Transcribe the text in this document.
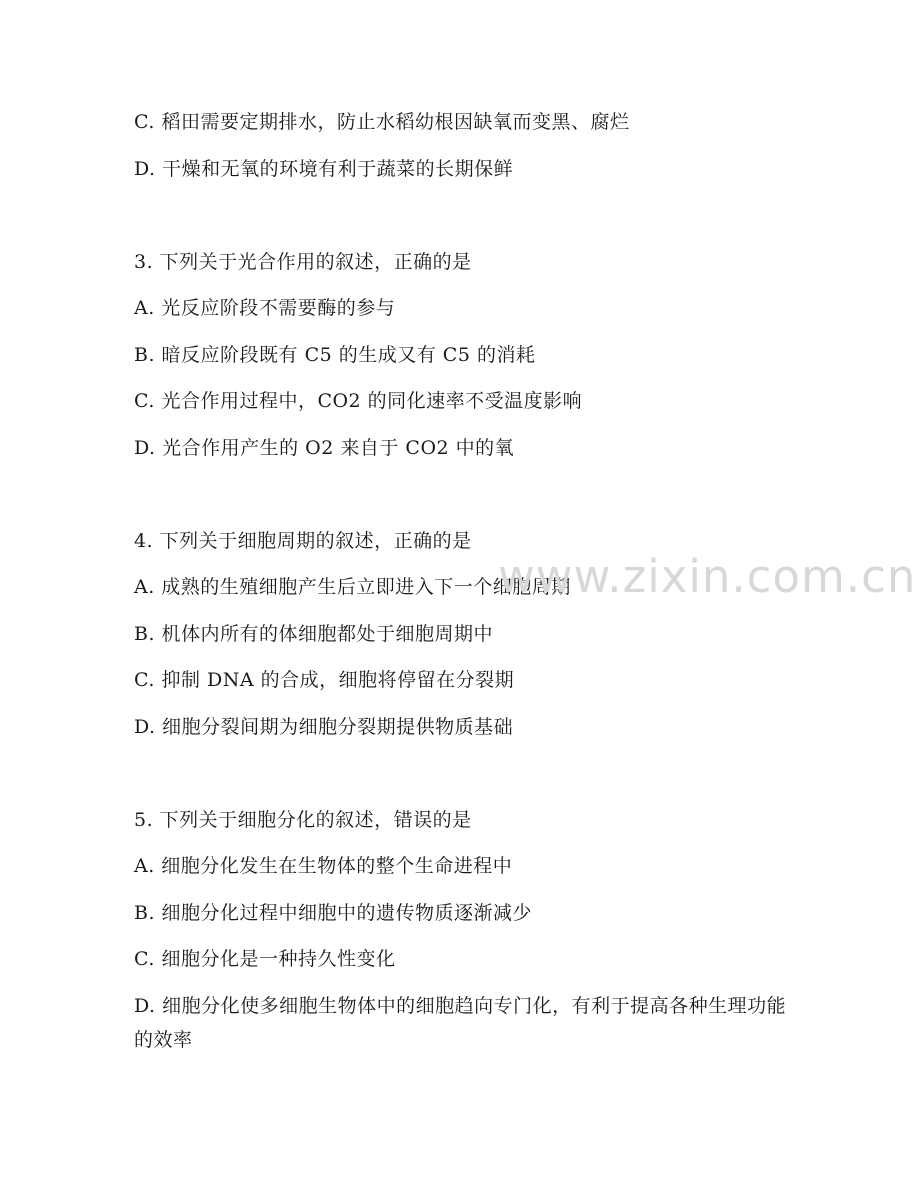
C. 稻田需要定期排水，防止水稻幼根因缺氧而变黑、腐烂
D. 干燥和无氧的环境有利于蔬菜的长期保鲜
3. 下列关于光合作用的叙述，正确的是
A. 光反应阶段不需要酶的参与
B. 暗反应阶段既有 C5 的生成又有 C5 的消耗
C. 光合作用过程中，CO2 的同化速率不受温度影响
D. 光合作用产生的 O2 来自于 CO2 中的氧
4. 下列关于细胞周期的叙述，正确的是
A. 成熟的生殖细胞产生后立即进入下一个细胞周期
B. 机体内所有的体细胞都处于细胞周期中
C. 抑制 DNA 的合成，细胞将停留在分裂期
D. 细胞分裂间期为细胞分裂期提供物质基础
5. 下列关于细胞分化的叙述，错误的是
A. 细胞分化发生在生物体的整个生命进程中
B. 细胞分化过程中细胞中的遗传物质逐渐减少
C. 细胞分化是一种持久性变化
D. 细胞分化使多细胞生物体中的细胞趋向专门化，有利于提高各种生理功能的效率
www.zixin.com.cn
